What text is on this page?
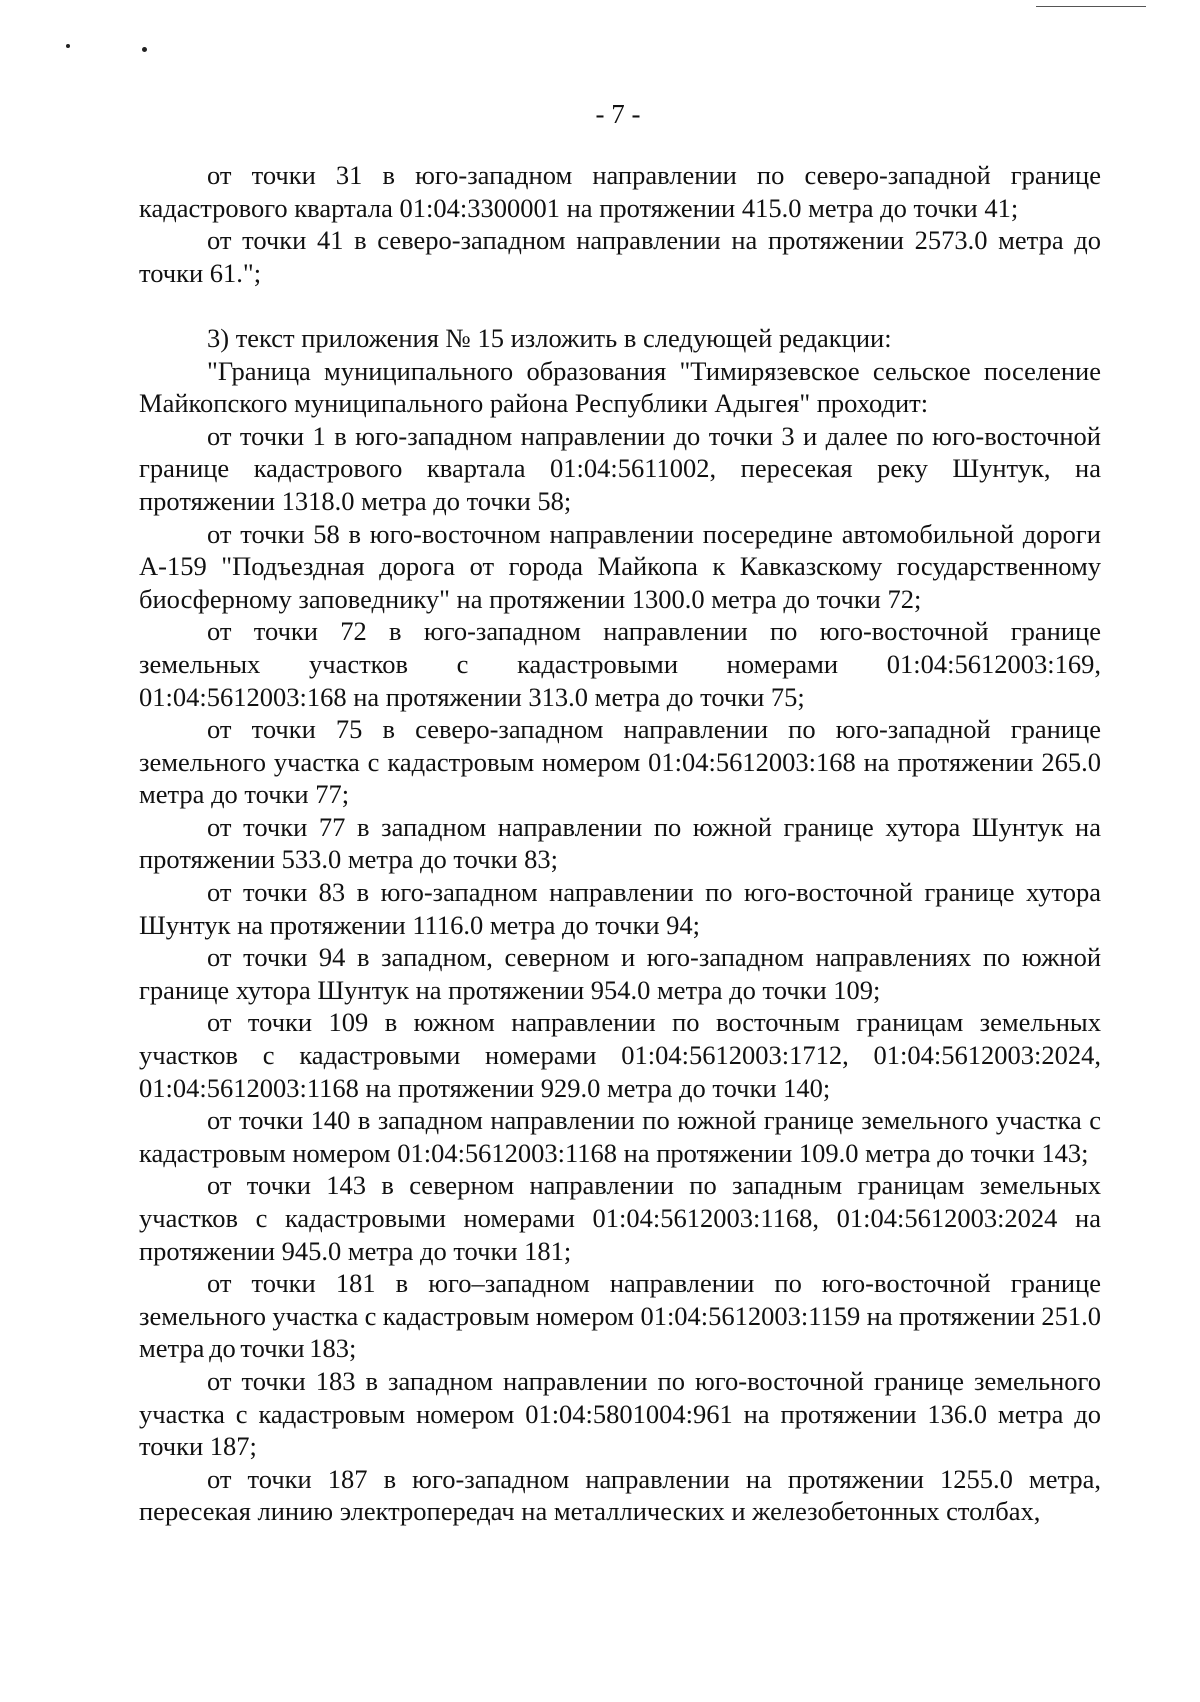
- 7 -

от точки 31 в юго-западном направлении по северо-западной границе кадастрового квартала 01:04:3300001 на протяжении 415.0 метра до точки 41;

от точки 41 в северо-западном направлении на протяжении 2573.0 метра до точки 61.";

3) текст приложения № 15 изложить в следующей редакции:

"Граница муниципального образования "Тимирязевское сельское поселение Майкопского муниципального района Республики Адыгея" проходит:

от точки 1 в юго-западном направлении до точки 3 и далее по юго-восточной границе кадастрового квартала 01:04:5611002, пересекая реку Шунтук, на протяжении 1318.0 метра до точки 58;

от точки 58 в юго-восточном направлении посередине автомобильной дороги А-159 "Подъездная дорога от города Майкопа к Кавказскому государственному биосферному заповеднику" на протяжении 1300.0 метра до точки 72;

от точки 72 в юго-западном направлении по юго-восточной границе земельных участков с кадастровыми номерами 01:04:5612003:169, 01:04:5612003:168 на протяжении 313.0 метра до точки 75;

от точки 75 в северо-западном направлении по юго-западной границе земельного участка с кадастровым номером 01:04:5612003:168 на протяжении 265.0 метра до точки 77;

от точки 77 в западном направлении по южной границе хутора Шунтук на протяжении 533.0 метра до точки 83;

от точки 83 в юго-западном направлении по юго-восточной границе хутора Шунтук на протяжении 1116.0 метра до точки 94;

от точки 94 в западном, северном и юго-западном направлениях по южной границе хутора Шунтук на протяжении 954.0 метра до точки 109;

от точки 109 в южном направлении по восточным границам земельных участков с кадастровыми номерами 01:04:5612003:1712, 01:04:5612003:2024, 01:04:5612003:1168 на протяжении 929.0 метра до точки 140;

от точки 140 в западном направлении по южной границе земельного участка с кадастровым номером 01:04:5612003:1168 на протяжении 109.0 метра до точки 143;

от точки 143 в северном направлении по западным границам земельных участков с кадастровыми номерами 01:04:5612003:1168, 01:04:5612003:2024 на протяжении 945.0 метра до точки 181;

от точки 181 в юго–западном направлении по юго-восточной границе земельного участка с кадастровым номером 01:04:5612003:1159 на протяжении 251.0 метра до точки 183;

от точки 183 в западном направлении по юго-восточной границе земельного участка с кадастровым номером 01:04:5801004:961 на протяжении 136.0 метра до точки 187;

от точки 187 в юго-западном направлении на протяжении 1255.0 метра, пересекая линию электропередач на металлических и железобетонных столбах,
